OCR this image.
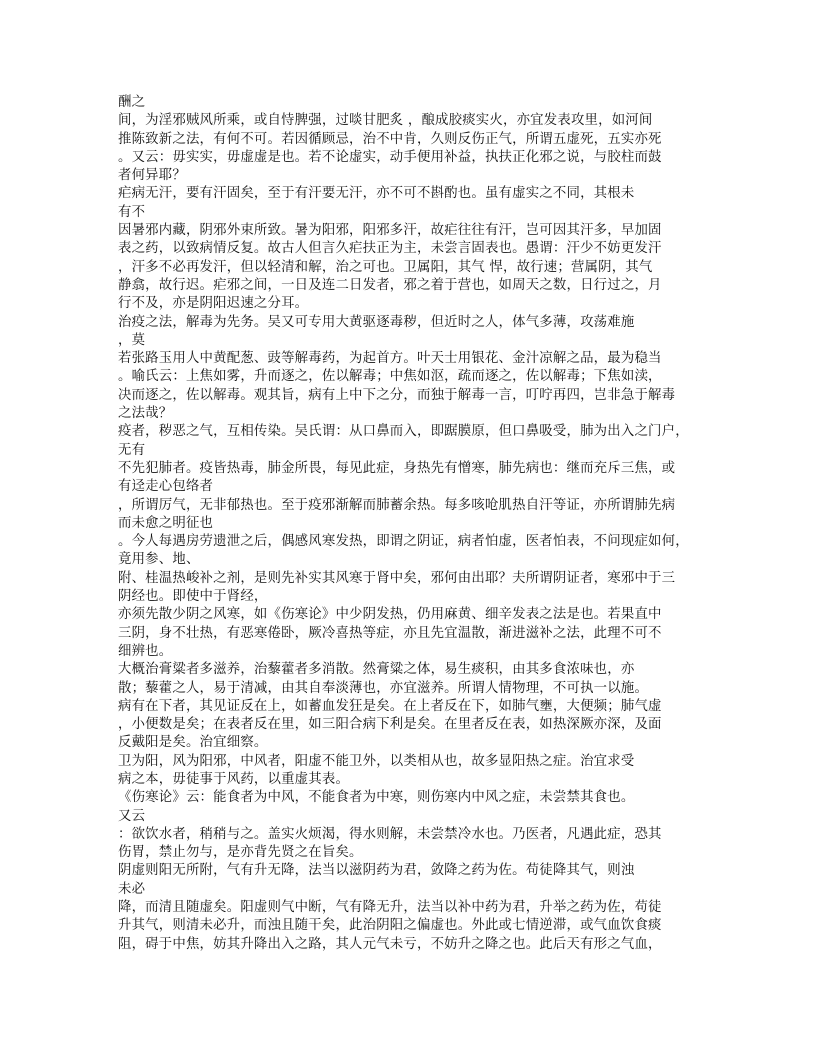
酬之
间，为淫邪贼风所乘，或自恃脾强，过啖甘肥炙 ，酿成胶痰实火，亦宜发表攻里，如河间
推陈致新之法，有何不可。若因循顾忌，治不中肯，久则反伤正气，所谓五虚死，五实亦死
。又云：毋实实，毋虚虚是也。若不论虚实，动手便用补益，执扶正化邪之说，与胶柱而鼓
者何异耶？
疟病无汗，要有汗固矣，至于有汗要无汗，亦不可不斟酌也。虽有虚实之不同，其根未
有不
因暑邪内藏，阴邪外束所致。暑为阳邪，阳邪多汗，故疟往往有汗，岂可因其汗多，早加固
表之药，以致病情反复。故古人但言久疟扶正为主，未尝言固表也。愚谓：汗少不妨更发汗
，汗多不必再发汗，但以轻清和解，治之可也。卫属阳，其气 悍，故行速；营属阴，其气
静翕，故行迟。疟邪之间，一日及连二日发者，邪之着于营也，如周天之数，日行过之，月
行不及，亦是阴阳迟速之分耳。
治疫之法，解毒为先务。吴又可专用大黄驱逐毒秽，但近时之人，体气多薄，攻荡难施
，莫
若张路玉用人中黄配葱、豉等解毒药，为起首方。叶天士用银花、金汁凉解之品，最为稳当
。喻氏云：上焦如雾，升而逐之，佐以解毒；中焦如沤，疏而逐之，佐以解毒；下焦如渎，
决而逐之，佐以解毒。观其旨，病有上中下之分，而独于解毒一言，叮咛再四，岂非急于解毒
之法哉？
疫者，秽恶之气，互相传染。吴氏谓：从口鼻而入，即踞膜原，但口鼻吸受，肺为出入之门户，
无有
不先犯肺者。疫皆热毒，肺金所畏，每见此症，身热先有憎寒，肺先病也：继而充斥三焦，或
有迳走心包络者
，所谓厉气，无非郁热也。至于疫邪渐解而肺蓄余热。每多咳呛肌热自汗等证，亦所谓肺先病
而未愈之明征也
。今人每遇房劳遗泄之后，偶感风寒发热，即谓之阴证，病者怕虚，医者怕表，不问现症如何，
竟用参、地、
附、桂温热峻补之剂，是则先补实其风寒于肾中矣，邪何由出耶？夫所谓阴证者，寒邪中于三
阴经也。即使中于肾经，
亦须先散少阴之风寒，如《伤寒论》中少阴发热，仍用麻黄、细辛发表之法是也。若果直中
三阴，身不壮热，有恶寒倦卧，厥冷喜热等症，亦且先宜温散，渐进滋补之法，此理不可不
细辨也。
大概治膏粱者多滋养，治藜藿者多消散。然膏粱之体，易生痰积，由其多食浓味也，亦
散；藜藿之人，易于清减，由其自奉淡薄也，亦宜滋养。所谓人情物理，不可执一以施。
病有在下者，其见证反在上，如蓄血发狂是矣。在上者反在下，如肺气壅，大便频；肺气虚
，小便数是矣；在表者反在里，如三阳合病下利是矣。在里者反在表，如热深厥亦深，及面
反戴阳是矣。治宜细察。
卫为阳，风为阳邪，中风者，阳虚不能卫外，以类相从也，故多显阳热之症。治宜求受
病之本，毋徒事于风药，以重虚其表。
《伤寒论》云：能食者为中风，不能食者为中寒，则伤寒内中风之症，未尝禁其食也。
又云
：欲饮水者，稍稍与之。盖实火烦渴，得水则解，未尝禁冷水也。乃医者，凡遇此症，恐其
伤胃，禁止勿与，是亦背先贤之在旨矣。
阴虚则阳无所附，气有升无降，法当以滋阴药为君，敛降之药为佐。苟徒降其气，则浊
未必
降，而清且随虚矣。阳虚则气中断，气有降无升，法当以补中药为君，升举之药为佐，苟徒
升其气，则清未必升，而浊且随干矣，此治阴阳之偏虚也。外此或七情逆滞，或气血饮食痰
阻，碍于中焦，妨其升降出入之路，其人元气未亏，不妨升之降之也。此后天有形之气血，
